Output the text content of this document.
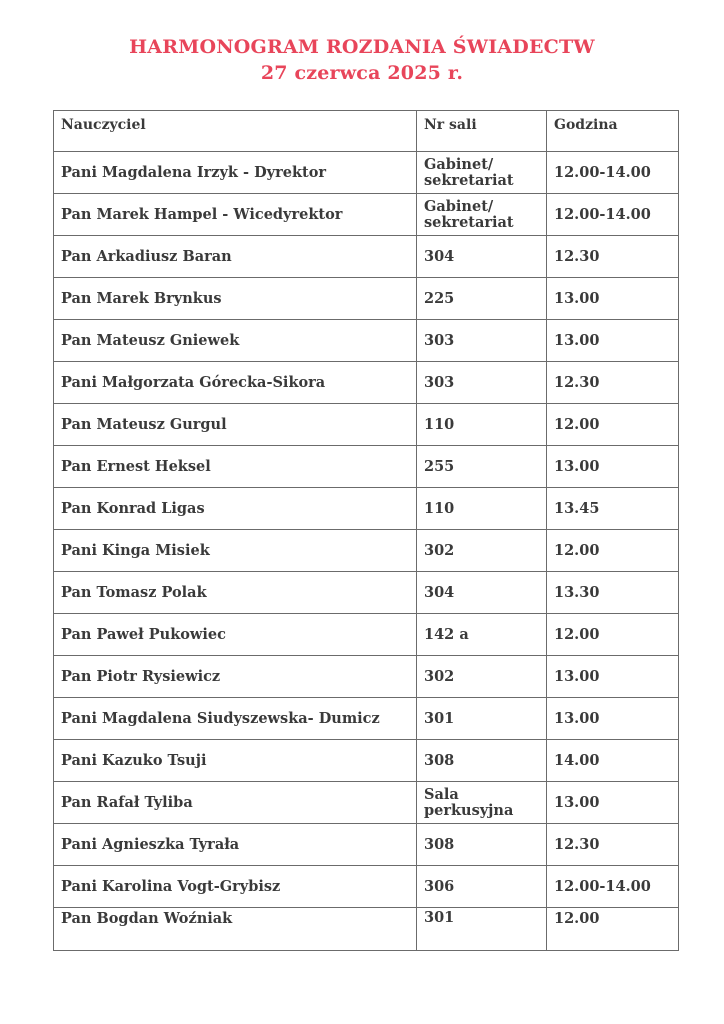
HARMONOGRAM ROZDANIA ŚWIADECTW
27 czerwca 2025 r.
Nauczyciel	Nr sali	Godzina
Pani Magdalena Irzyk - Dyrektor	Gabinet/ sekretariat	12.00-14.00
Pan Marek Hampel - Wicedyrektor	Gabinet/ sekretariat	12.00-14.00
Pan Arkadiusz Baran	304	12.30
Pan Marek Brynkus	225	13.00
Pan Mateusz Gniewek	303	13.00
Pani Małgorzata Górecka-Sikora	303	12.30
Pan Mateusz Gurgul	110	12.00
Pan Ernest Heksel	255	13.00
Pan Konrad Ligas	110	13.45
Pani Kinga Misiek	302	12.00
Pan Tomasz Polak	304	13.30
Pan Paweł Pukowiec	142 a	12.00
Pan Piotr Rysiewicz	302	13.00
Pani Magdalena Siudyszewska- Dumicz	301	13.00
Pani Kazuko Tsuji	308	14.00
Pan Rafał Tyliba	Sala perkusyjna	13.00
Pani Agnieszka Tyrała	308	12.30
Pani Karolina Vogt-Grybisz	306	12.00-14.00
Pan Bogdan Woźniak	301	12.00
